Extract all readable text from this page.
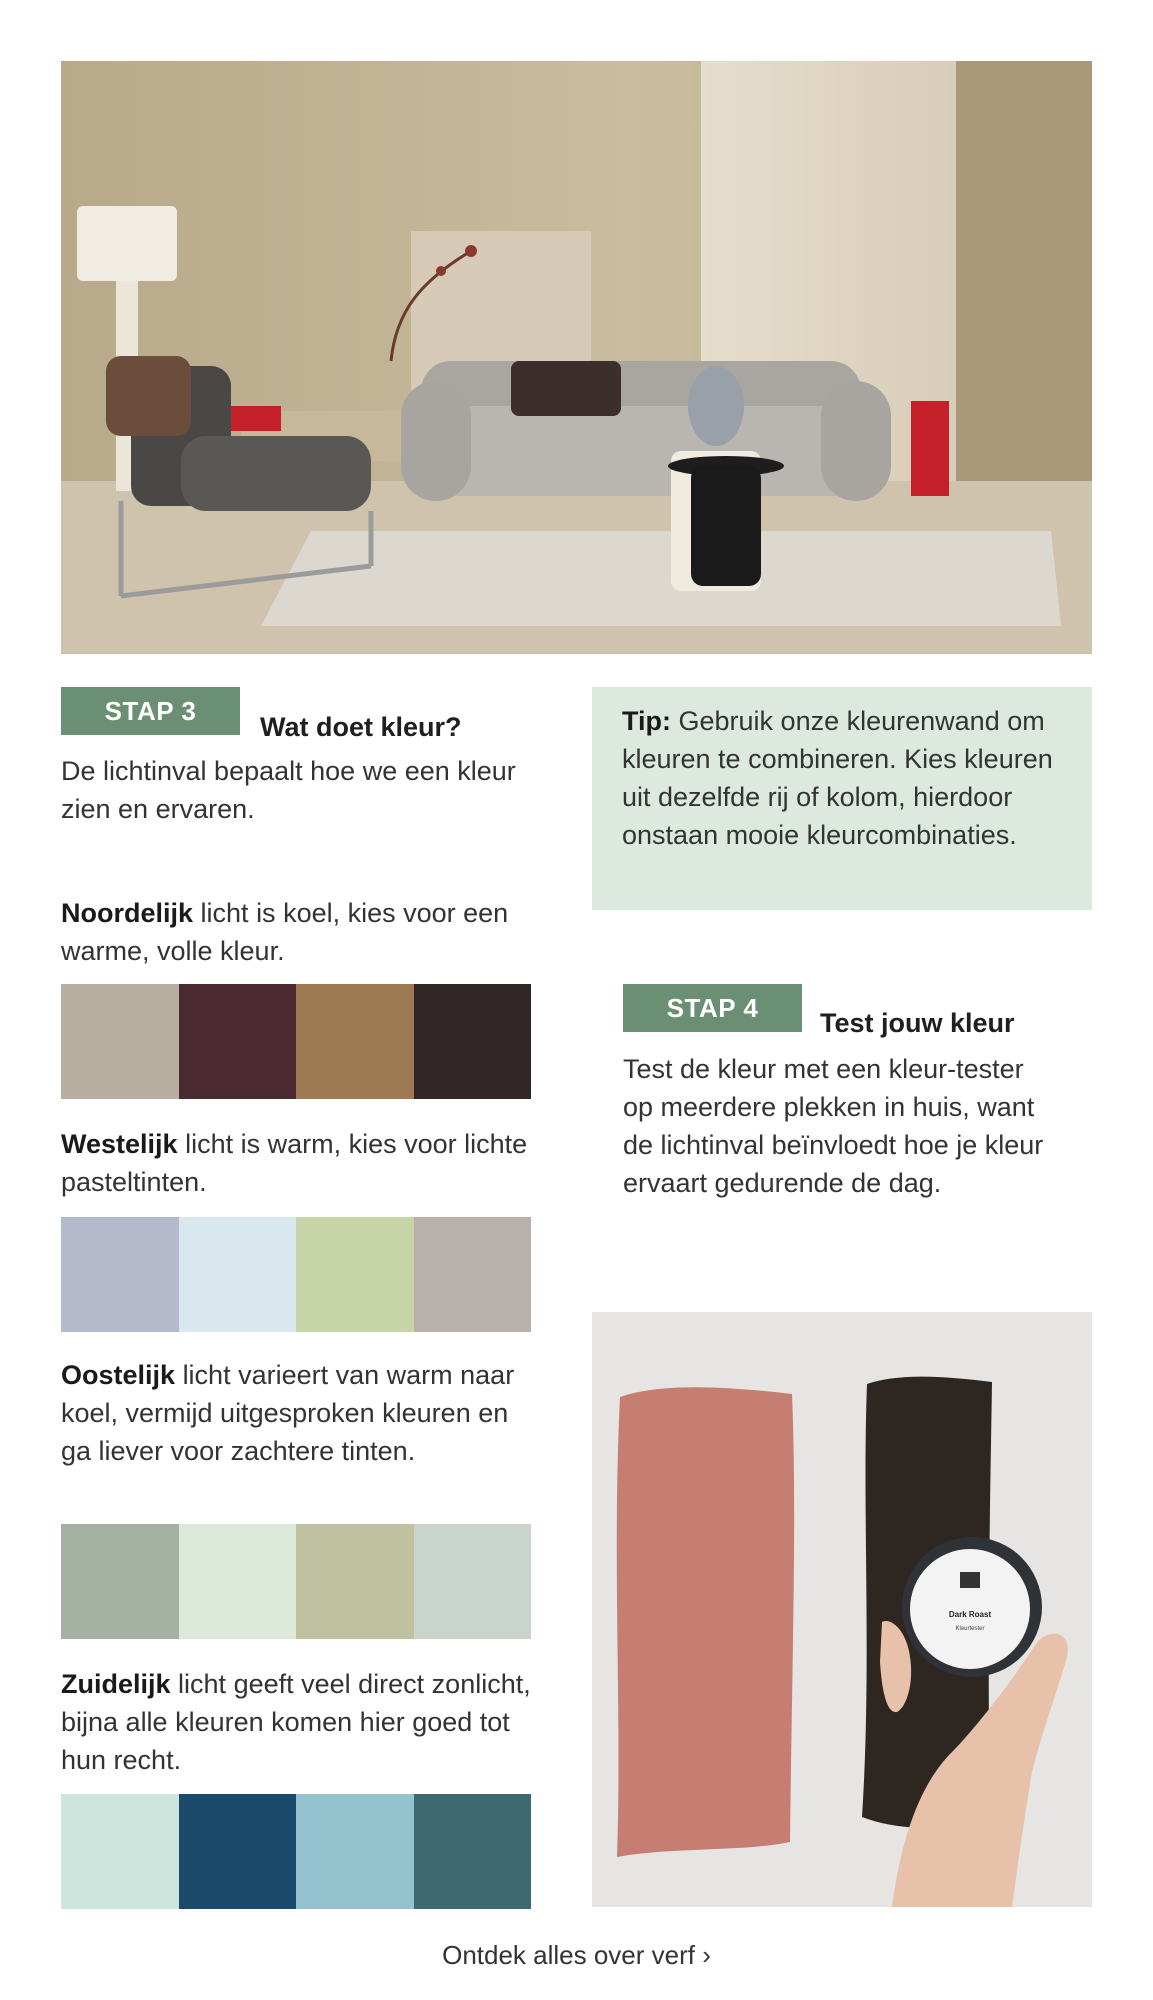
STAP 3
Wat doet kleur?
De lichtinval bepaalt hoe we een kleur zien en ervaren.
Noordelijk licht is koel, kies voor een warme, volle kleur.
Westelijk licht is warm, kies voor lichte pasteltinten.
Oostelijk licht varieert van warm naar koel, vermijd uitgesproken kleuren en ga liever voor zachtere tinten.
Zuidelijk licht geeft veel direct zonlicht, bijna alle kleuren komen hier goed tot hun recht.
Tip: Gebruik onze kleurenwand om kleuren te combineren. Kies kleuren uit dezelfde rij of kolom, hierdoor onstaan mooie kleurcombinaties.
STAP 4
Test jouw kleur
Test de kleur met een kleur-tester op meerdere plekken in huis, want de lichtinval beïnvloedt hoe je kleur ervaart gedurende de dag.
Dark Roast
Kleurtester
Ontdek alles over verf ›
